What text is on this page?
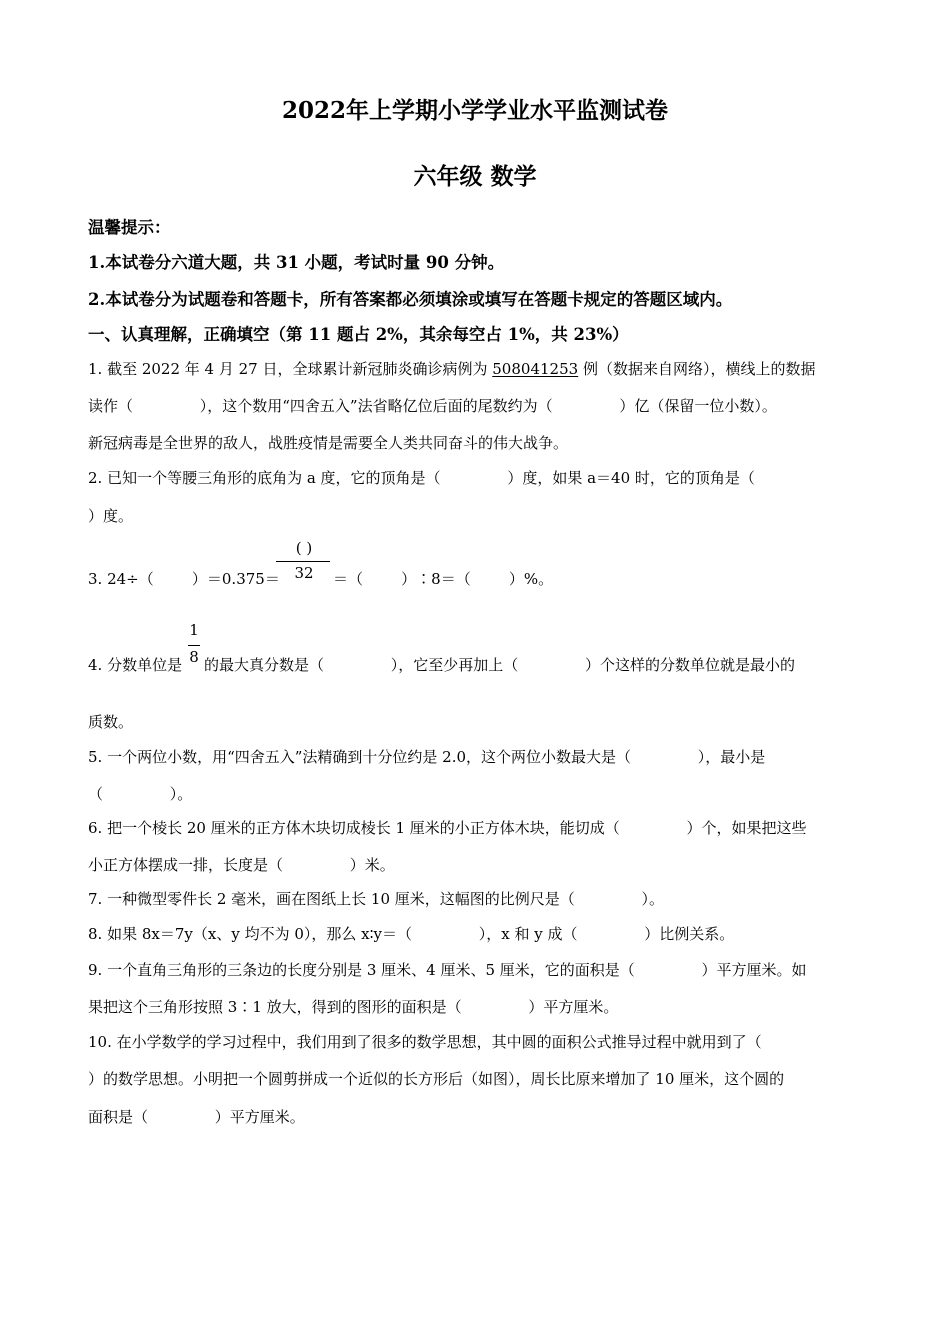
2022年上学期小学学业水平监测试卷
六年级 数学
温馨提示：
1.本试卷分六道大题，共 31 小题，考试时量 90 分钟。
2.本试卷分为试题卷和答题卡，所有答案都必须填涂或填写在答题卡规定的答题区域内。
一、认真理解，正确填空（第 11 题占 2%，其余每空占 1%，共 23%）
1. 截至 2022 年 4 月 27 日，全球累计新冠肺炎确诊病例为 508041253 例（数据来自网络），横线上的数据
读作（              ），这个数用“四舍五入”法省略亿位后面的尾数约为（              ）亿（保留一位小数）。
新冠病毒是全世界的敌人，战胜疫情是需要全人类共同奋斗的伟大战争。
2. 已知一个等腰三角形的底角为 a 度，它的顶角是（              ）度，如果 a＝40 时，它的顶角是（
）度。
3. 24÷（        ）＝0.375＝
( )
32	＝（        ）∶8＝（        ）%。
4. 分数单位是
1
8 的最大真分数是（              ），它至少再加上（              ）个这样的分数单位就是最小的
质数。
5. 一个两位小数，用“四舍五入”法精确到十分位约是 2.0，这个两位小数最大是（              ），最小是
（              ）。
6. 把一个棱长 20 厘米的正方体木块切成棱长 1 厘米的小正方体木块，能切成（              ）个，如果把这些
小正方体摆成一排，长度是（              ）米。
7. 一种微型零件长 2 毫米，画在图纸上长 10 厘米，这幅图的比例尺是（              ）。
8. 如果 8x＝7y（x、y 均不为 0），那么 x∶y＝（              ），x 和 y 成（              ）比例关系。
9. 一个直角三角形的三条边的长度分别是 3 厘米、4 厘米、5 厘米，它的面积是（              ）平方厘米。如
果把这个三角形按照 3∶1 放大，得到的图形的面积是（              ）平方厘米。
10. 在小学数学的学习过程中，我们用到了很多的数学思想，其中圆的面积公式推导过程中就用到了（
）的数学思想。小明把一个圆剪拼成一个近似的长方形后（如图），周长比原来增加了 10 厘米，这个圆的
面积是（              ）平方厘米。
